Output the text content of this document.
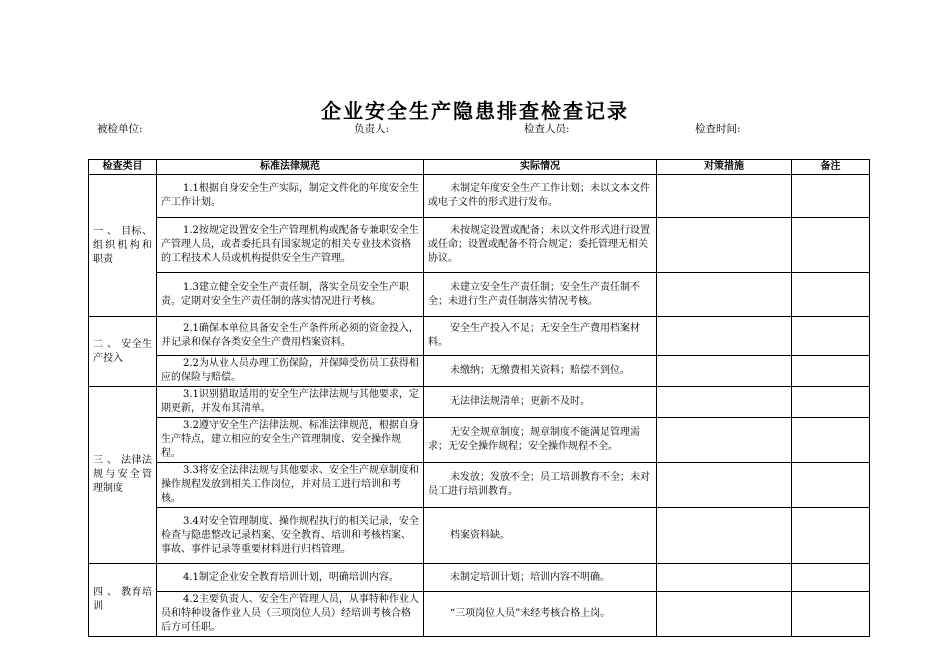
企业安全生产隐患排查检查记录
被检单位:	负责人:	检查人员:	检查时间:
检查类目	标准法律规范	实际情况	对策措施	备注
一 、 目标、组织机构和职责	1.1根据自身安全生产实际，制定文件化的年度安全生产工作计划。	未制定年度安全生产工作计划；未以文本文件或电子文件的形式进行发布。		
	1.2按规定设置安全生产管理机构或配备专兼职安全生产管理人员，或者委托具有国家规定的相关专业技术资格的工程技术人员或机构提供安全生产管理。	未按规定设置或配备；未以文件形式进行设置或任命；设置或配备不符合规定；委托管理无相关协议。		
	1.3建立健全安全生产责任制，落实全员安全生产职责。定期对安全生产责任制的落实情况进行考核。	未建立安全生产责任制；安全生产责任制不全；未进行生产责任制落实情况考核。		
二 、 安全生产投入	2.1确保本单位具备安全生产条件所必须的资金投入，并记录和保存各类安全生产费用档案资料。	安全生产投入不足；无安全生产费用档案材料。		
	2.2为从业人员办理工伤保险，并保障受伤员工获得相应的保险与赔偿。	未缴纳；无缴费相关资料；赔偿不到位。		
三 、 法律法规与安全管理制度	3.1识别猎取适用的安全生产法律法规与其他要求，定期更新，并发布其清单。	无法律法规清单；更新不及时。		
	3.2遵守安全生产法律法规、标准法律规范，根据自身生产特点，建立相应的安全生产管理制度、安全操作规程。	无安全规章制度；规章制度不能满足管理需求；无安全操作规程；安全操作规程不全。		
	3.3将安全法律法规与其他要求、安全生产规章制度和操作规程发放到相关工作岗位，并对员工进行培训和考核。	未发放；发放不全；员工培训教育不全；未对员工进行培训教育。		
	3.4对安全管理制度、操作规程执行的相关记录，安全检查与隐患整改记录档案、安全教育、培训和考核档案、事故、事件记录等重要材料进行归档管理。	档案资料缺。		
四 、 教育培训	4.1制定企业安全教育培训计划，明确培训内容。	未制定培训计划；培训内容不明确。		
	4.2主要负责人、安全生产管理人员，从事特种作业人员和特种设备作业人员（三项岗位人员）经培训考核合格后方可任职。	“三项岗位人员”未经考核合格上岗。		
